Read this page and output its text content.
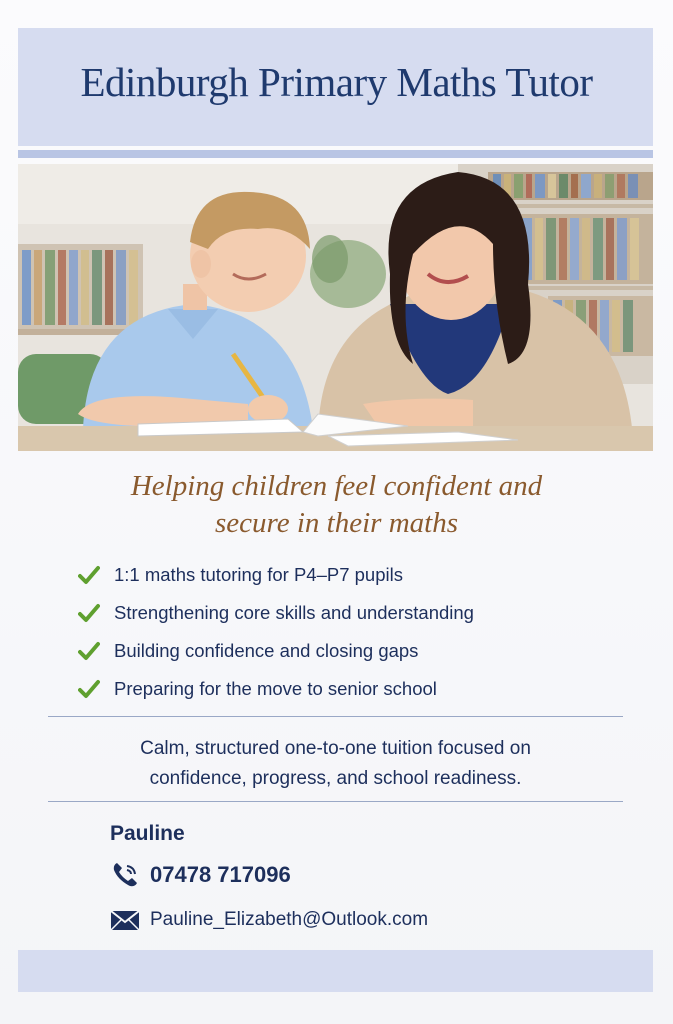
Edinburgh Primary Maths Tutor
Helping children feel confident and
secure in their maths
1:1 maths tutoring for P4–P7 pupils
Strengthening core skills and understanding
Building confidence and closing gaps
Preparing for the move to senior school
Calm, structured one-to-one tuition focused on
confidence, progress, and school readiness.
Pauline
07478 717096
Pauline_Elizabeth@Outlook.com
